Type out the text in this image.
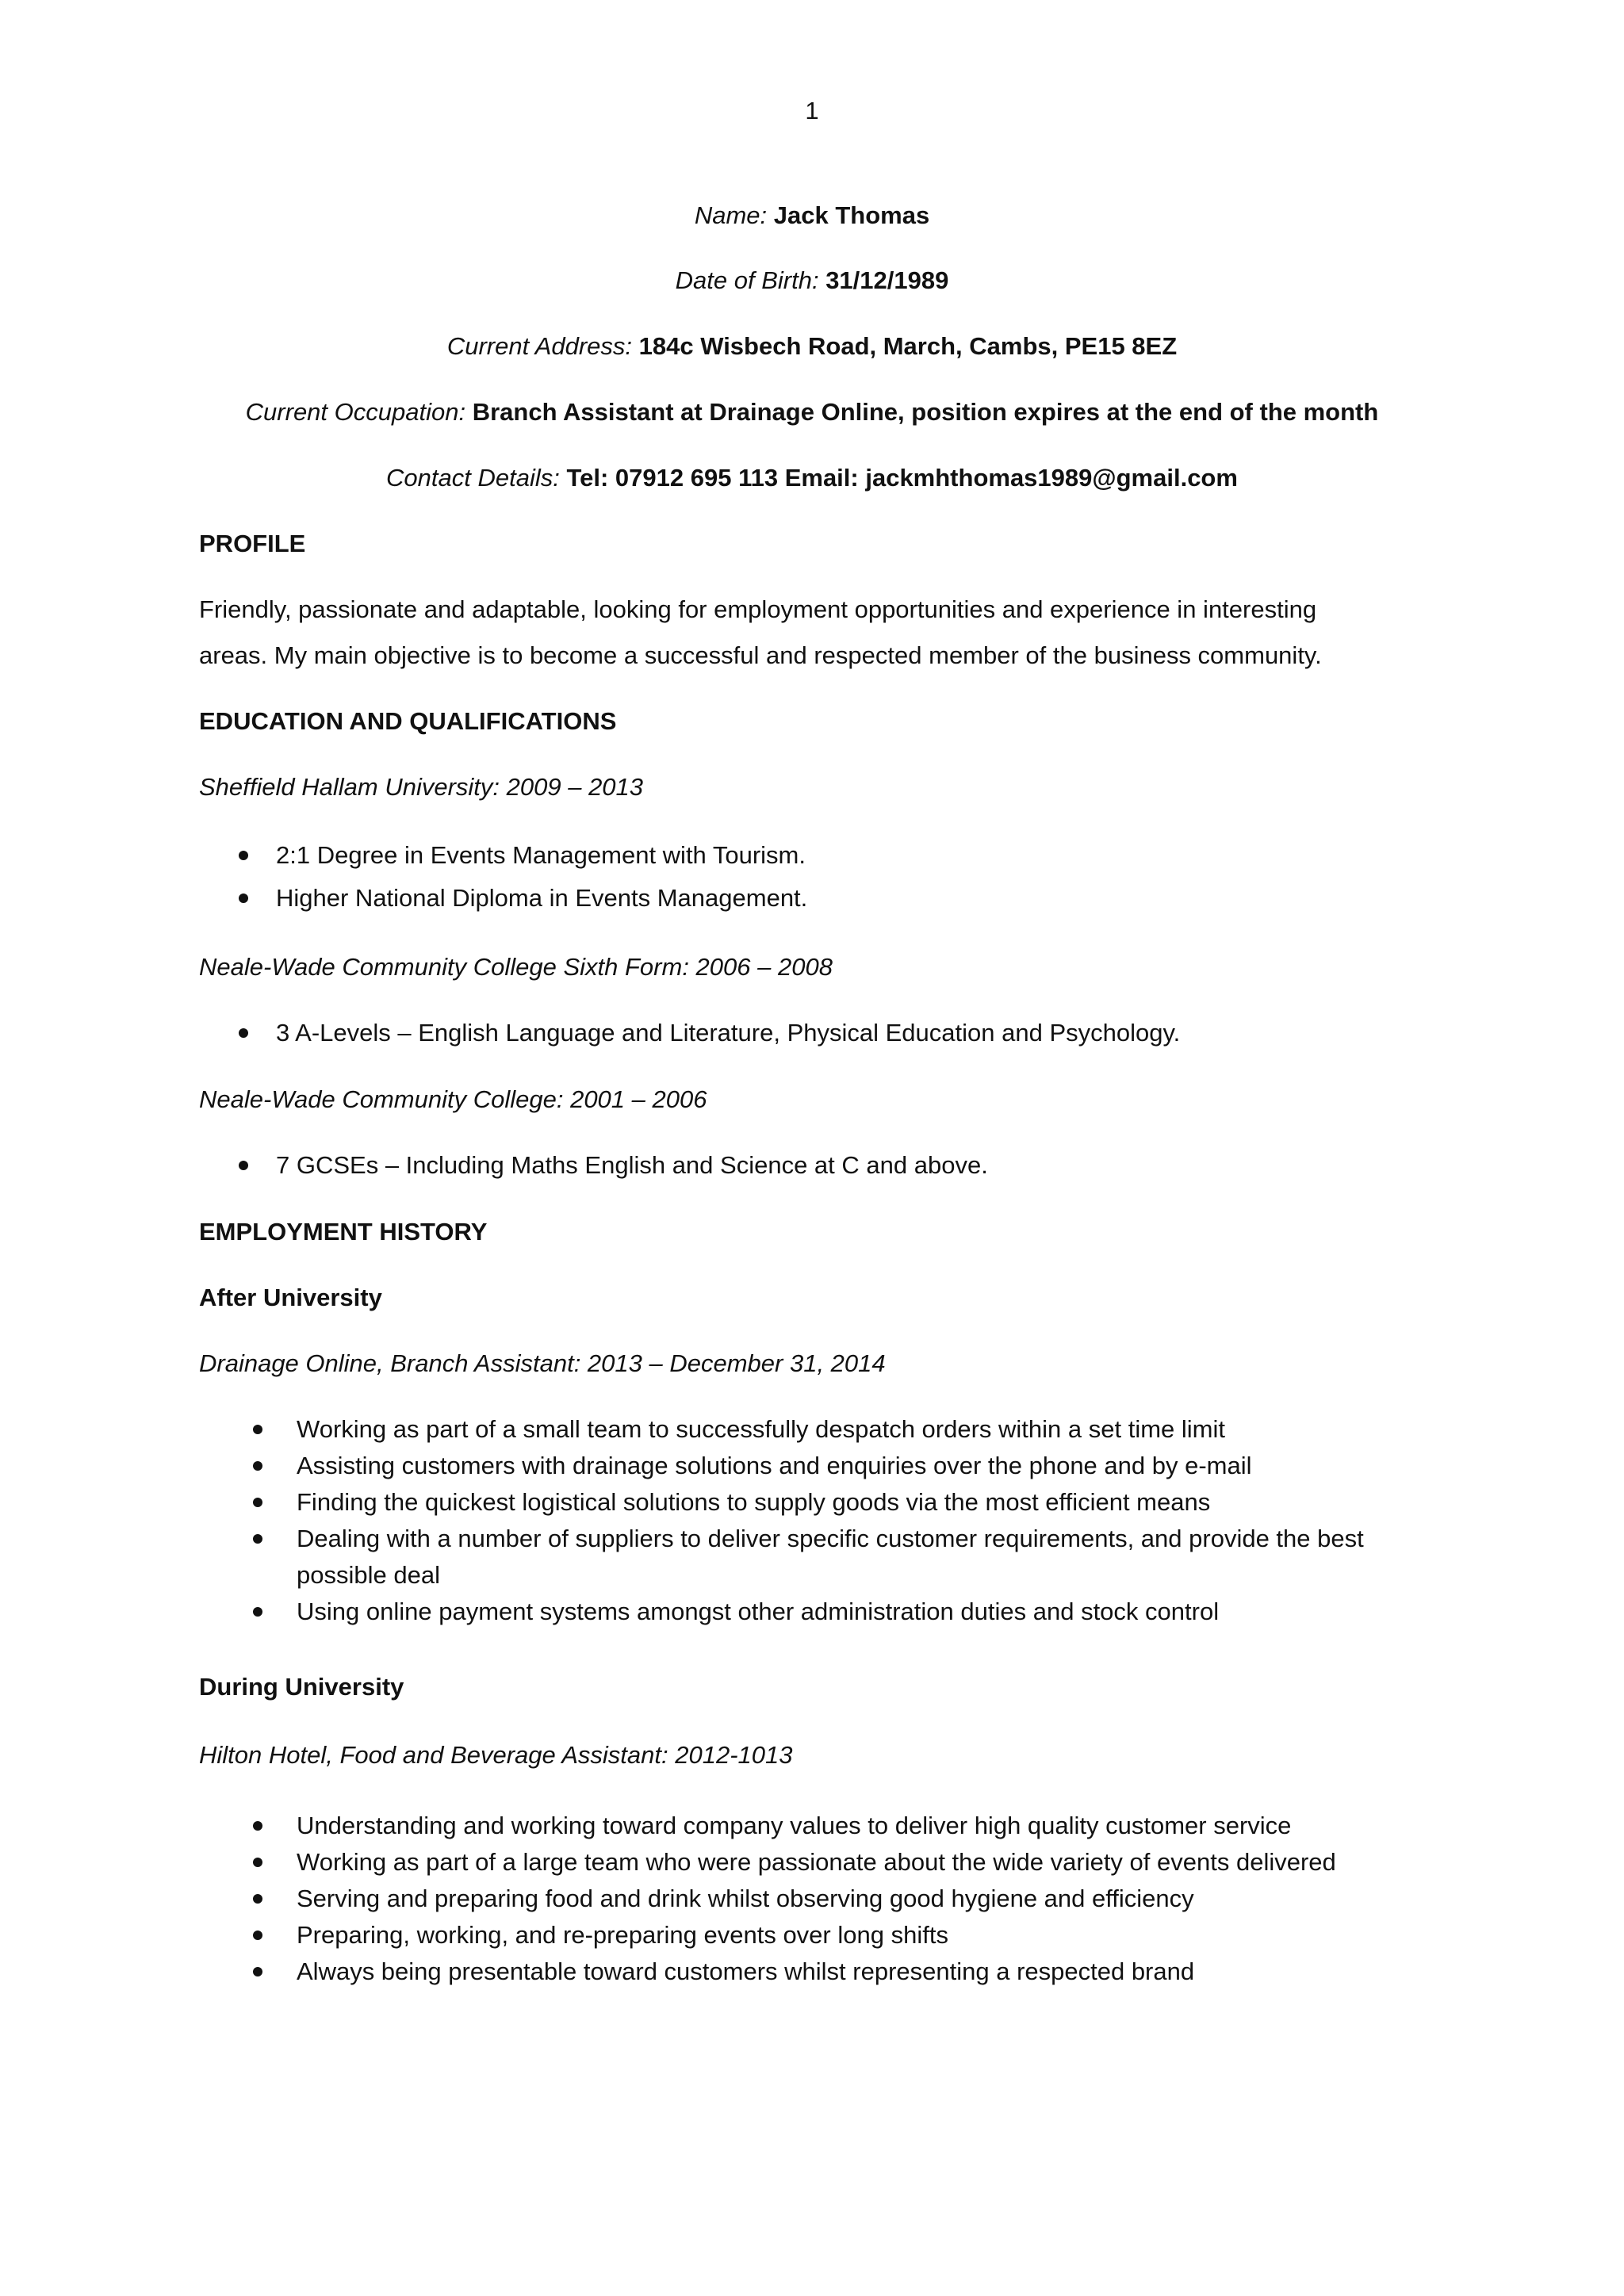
1
Name: Jack Thomas
Date of Birth: 31/12/1989
Current Address: 184c Wisbech Road, March, Cambs, PE15 8EZ
Current Occupation: Branch Assistant at Drainage Online, position expires at the end of the month
Contact Details: Tel: 07912 695 113 Email: jackmhthomas1989@gmail.com
PROFILE
Friendly, passionate and adaptable, looking for employment opportunities and experience in interesting
areas. My main objective is to become a successful and respected member of the business community.
EDUCATION AND QUALIFICATIONS
Sheffield Hallam University: 2009 – 2013
2:1 Degree in Events Management with Tourism.
Higher National Diploma in Events Management.
Neale-Wade Community College Sixth Form: 2006 – 2008
3 A-Levels – English Language and Literature, Physical Education and Psychology.
Neale-Wade Community College: 2001 – 2006
7 GCSEs – Including Maths English and Science at C and above.
EMPLOYMENT HISTORY
After University
Drainage Online, Branch Assistant: 2013 – December 31, 2014
Working as part of a small team to successfully despatch orders within a set time limit
Assisting customers with drainage solutions and enquiries over the phone and by e-mail
Finding the quickest logistical solutions to supply goods via the most efficient means
Dealing with a number of suppliers to deliver specific customer requirements, and provide the best possible deal
Using online payment systems amongst other administration duties and stock control
During University
Hilton Hotel, Food and Beverage Assistant: 2012-1013
Understanding and working toward company values to deliver high quality customer service
Working as part of a large team who were passionate about the wide variety of events delivered
Serving and preparing food and drink whilst observing good hygiene and efficiency
Preparing, working, and re-preparing events over long shifts
Always being presentable toward customers whilst representing a respected brand
